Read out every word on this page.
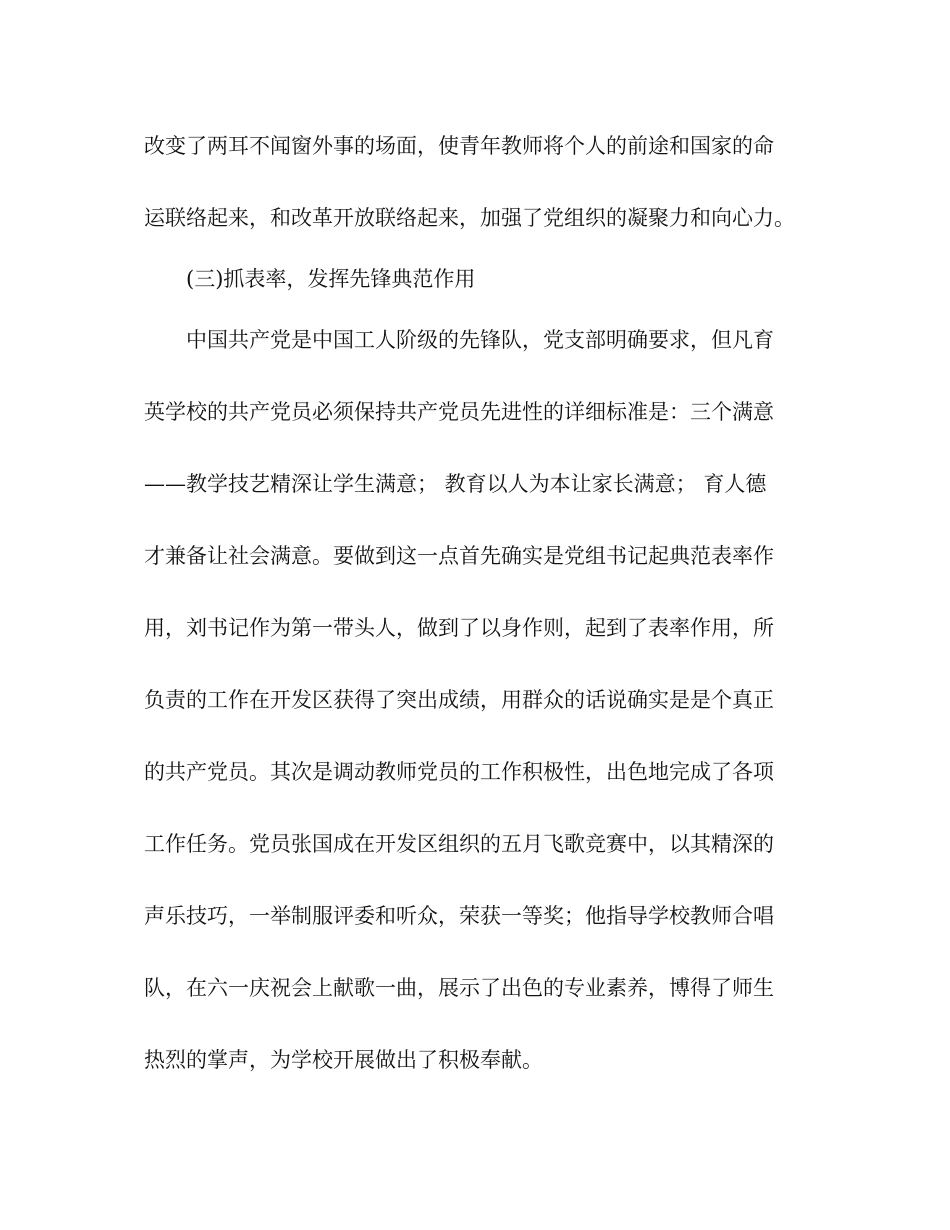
改变了两耳不闻窗外事的场面，使青年教师将个人的前途和国家的命

运联络起来，和改革开放联络起来，加强了党组织的凝聚力和向心力。

(三)抓表率，发挥先锋典范作用

中国共产党是中国工人阶级的先锋队，党支部明确要求，但凡育

英学校的共产党员必须保持共产党员先进性的详细标准是：三个满意

——教学技艺精深让学生满意； 教育以人为本让家长满意； 育人德

才兼备让社会满意。要做到这一点首先确实是党组书记起典范表率作

用，刘书记作为第一带头人，做到了以身作则，起到了表率作用，所

负责的工作在开发区获得了突出成绩，用群众的话说确实是是个真正

的共产党员。其次是调动教师党员的工作积极性，出色地完成了各项

工作任务。党员张国成在开发区组织的五月飞歌竞赛中，以其精深的

声乐技巧，一举制服评委和听众，荣获一等奖；他指导学校教师合唱

队，在六一庆祝会上献歌一曲，展示了出色的专业素养，博得了师生

热烈的掌声，为学校开展做出了积极奉献。
